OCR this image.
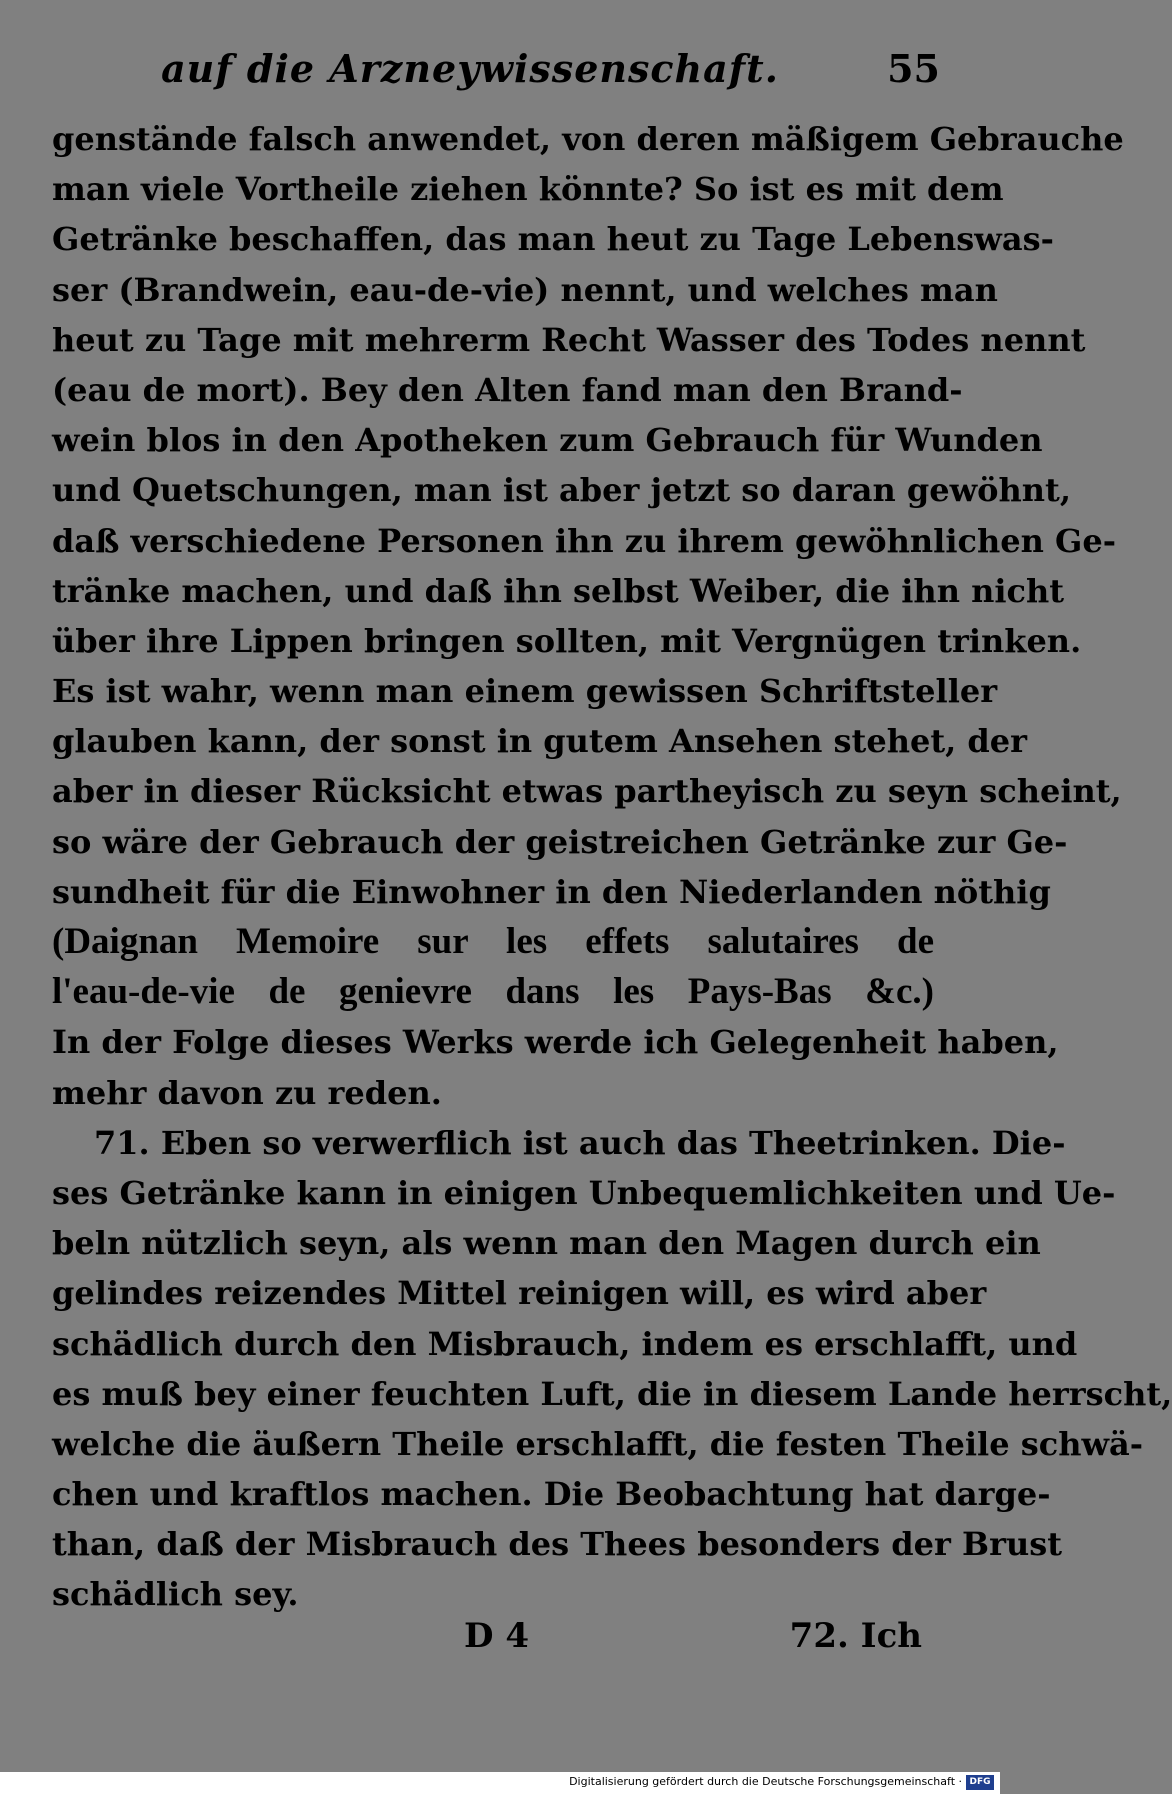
auf die Arzneywissenschaft.	55
genstände falsch anwendet, von deren mäßigem Gebrauche
man viele Vortheile ziehen könnte? So ist es mit dem
Getränke beschaffen, das man heut zu Tage Lebenswas-
ser (Brandwein, eau-de-vie) nennt, und welches man
heut zu Tage mit mehrerm Recht Wasser des Todes nennt
(eau de mort). Bey den Alten fand man den Brand-
wein blos in den Apotheken zum Gebrauch für Wunden
und Quetschungen, man ist aber jetzt so daran gewöhnt,
daß verschiedene Personen ihn zu ihrem gewöhnlichen Ge-
tränke machen, und daß ihn selbst Weiber, die ihn nicht
über ihre Lippen bringen sollten, mit Vergnügen trinken.
Es ist wahr, wenn man einem gewissen Schriftsteller
glauben kann, der sonst in gutem Ansehen stehet, der
aber in dieser Rücksicht etwas partheyisch zu seyn scheint,
so wäre der Gebrauch der geistreichen Getränke zur Ge-
sundheit für die Einwohner in den Niederlanden nöthig
(Daignan Memoire sur les effets salutaires de
l'eau-de-vie de genievre dans les Pays-Bas &c.)
In der Folge dieses Werks werde ich Gelegenheit haben,
mehr davon zu reden.
71. Eben so verwerflich ist auch das Theetrinken. Die-
ses Getränke kann in einigen Unbequemlichkeiten und Ue-
beln nützlich seyn, als wenn man den Magen durch ein
gelindes reizendes Mittel reinigen will, es wird aber
schädlich durch den Misbrauch, indem es erschlafft, und
es muß bey einer feuchten Luft, die in diesem Lande herrscht,
welche die äußern Theile erschlafft, die festen Theile schwä-
chen und kraftlos machen. Die Beobachtung hat darge-
than, daß der Misbrauch des Thees besonders der Brust
schädlich sey.
D 4	72. Ich
Digitalisierung gefördert durch die Deutsche Forschungsgemeinschaft · DFG
